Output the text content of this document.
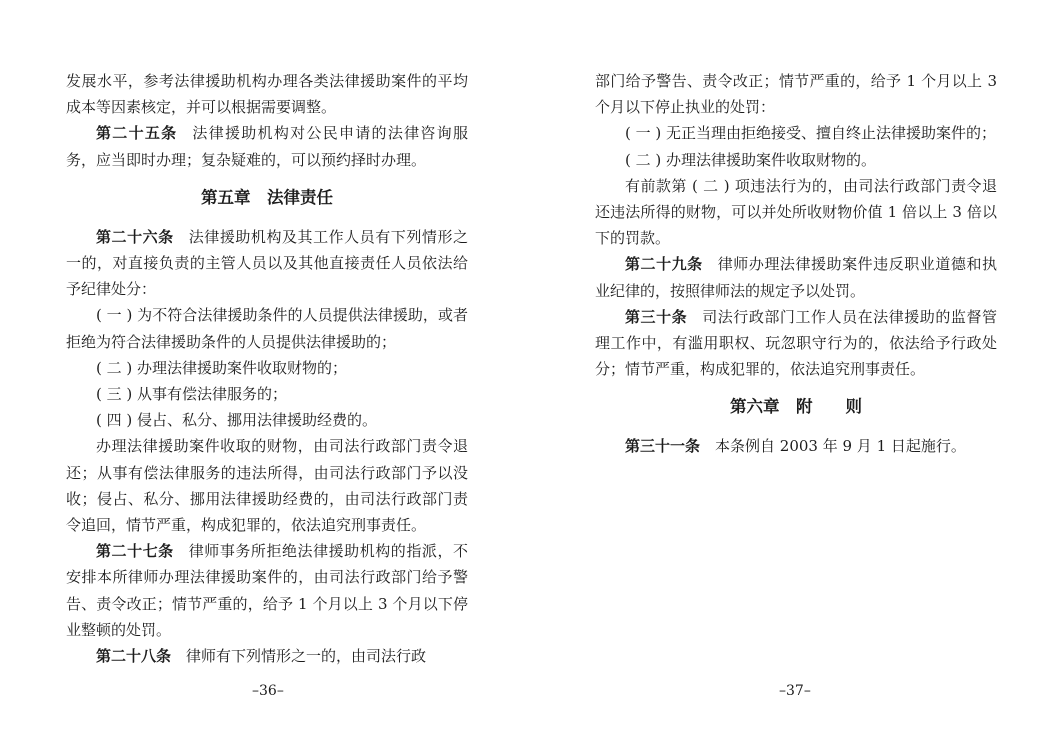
发展水平，参考法律援助机构办理各类法律援助案件的平均成本等因素核定，并可以根据需要调整。

第二十五条 法律援助机构对公民申请的法律咨询服务，应当即时办理；复杂疑难的，可以预约择时办理。

第五章　法律责任

第二十六条 法律援助机构及其工作人员有下列情形之一的，对直接负责的主管人员以及其他直接责任人员依法给予纪律处分：

( 一 ) 为不符合法律援助条件的人员提供法律援助，或者拒绝为符合法律援助条件的人员提供法律援助的；

( 二 ) 办理法律援助案件收取财物的；

( 三 ) 从事有偿法律服务的；

( 四 ) 侵占、私分、挪用法律援助经费的。

办理法律援助案件收取的财物，由司法行政部门责令退还；从事有偿法律服务的违法所得，由司法行政部门予以没收；侵占、私分、挪用法律援助经费的，由司法行政部门责令追回，情节严重，构成犯罪的，依法追究刑事责任。

第二十七条 律师事务所拒绝法律援助机构的指派，不安排本所律师办理法律援助案件的，由司法行政部门给予警告、责令改正；情节严重的，给予 1 个月以上 3 个月以下停业整顿的处罚。

第二十八条 律师有下列情形之一的，由司法行政

–36–

部门给予警告、责令改正；情节严重的，给予 1 个月以上 3 个月以下停止执业的处罚：

( 一 ) 无正当理由拒绝接受、擅自终止法律援助案件的；

( 二 ) 办理法律援助案件收取财物的。

有前款第 ( 二 ) 项违法行为的，由司法行政部门责令退还违法所得的财物，可以并处所收财物价值 1 倍以上 3 倍以下的罚款。

第二十九条 律师办理法律援助案件违反职业道德和执业纪律的，按照律师法的规定予以处罚。

第三十条 司法行政部门工作人员在法律援助的监督管理工作中，有滥用职权、玩忽职守行为的，依法给予行政处分；情节严重，构成犯罪的，依法追究刑事责任。

第六章　附　　则

第三十一条 本条例自 2003 年 9 月 1 日起施行。

–37–
